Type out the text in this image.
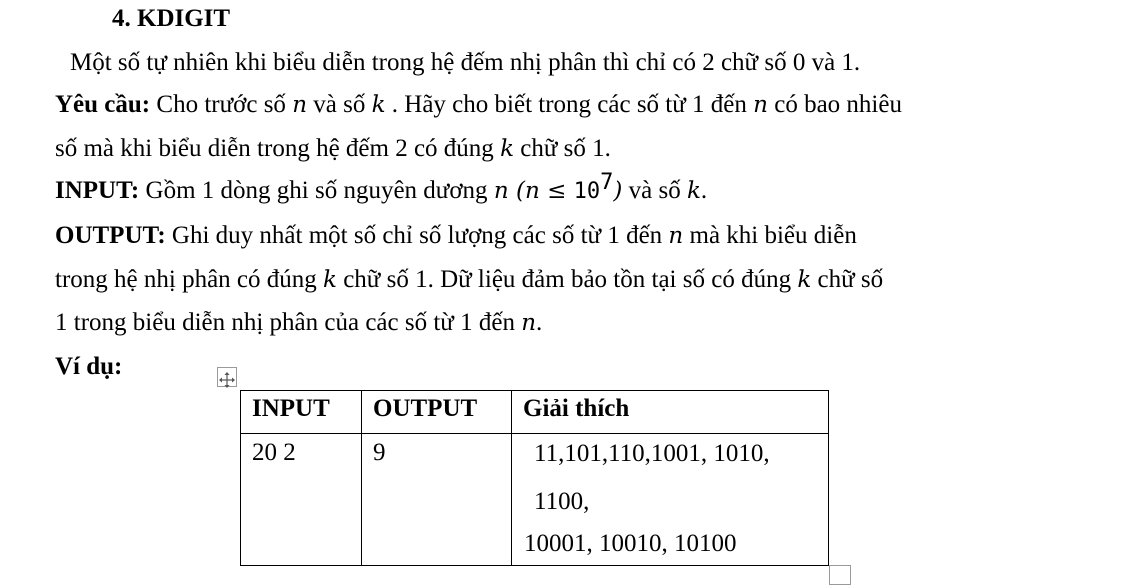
4. KDIGIT
Một số tự nhiên khi biểu diễn trong hệ đếm nhị phân thì chỉ có 2 chữ số 0 và 1.
Yêu cầu: Cho trước số n và số k . Hãy cho biết trong các số từ 1 đến n có bao nhiêu
số mà khi biểu diễn trong hệ đếm 2 có đúng k chữ số 1.
INPUT: Gồm 1 dòng ghi số nguyên dương n $(n \le 10^7)$ và số k.
OUTPUT: Ghi duy nhất một số chỉ số lượng các số từ 1 đến n mà khi biểu diễn
trong hệ nhị phân có đúng k chữ số 1. Dữ liệu đảm bảo tồn tại số có đúng k chữ số
1 trong biểu diễn nhị phân của các số từ 1 đến n.
Ví dụ:
INPUT	OUTPUT	Giải thích
20 2	9	11,101,110,1001, 1010,
1100,
10001, 10010, 10100
